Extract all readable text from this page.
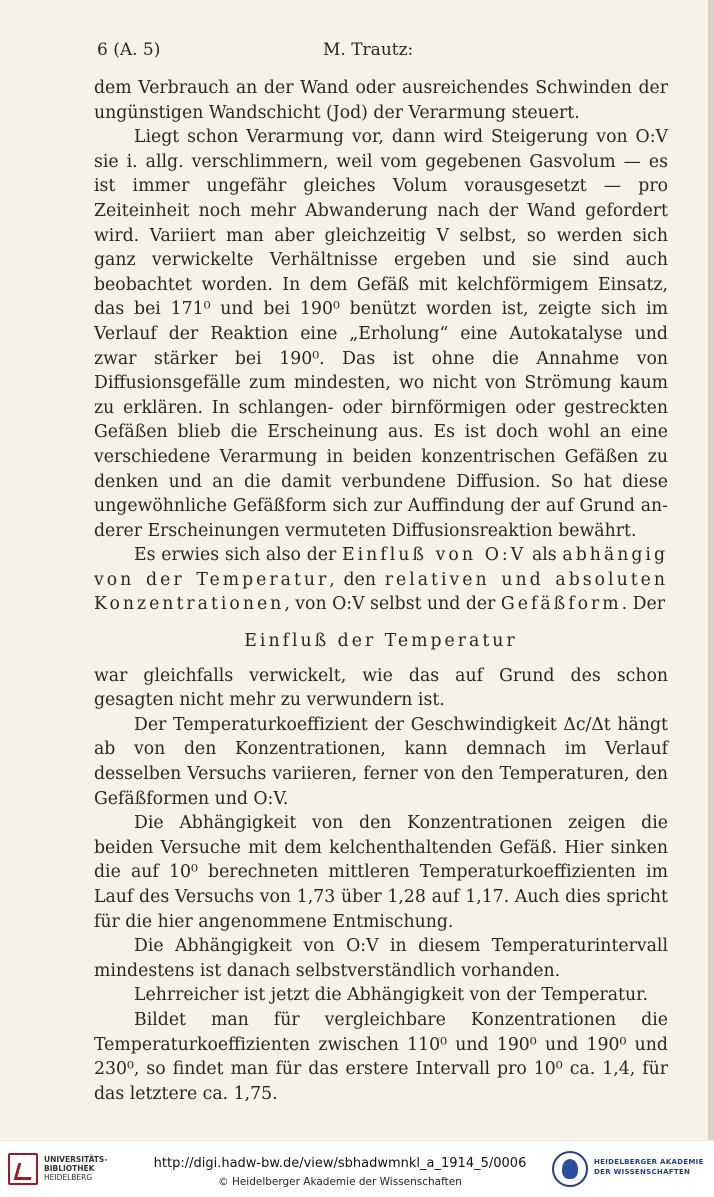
6 (A. 5)	M. Trautz:

dem Verbrauch an der Wand oder ausreichendes Schwinden der ungünstigen Wandschicht (Jod) der Verarmung steuert.

Liegt schon Verarmung vor, dann wird Steigerung von O:V sie i. allg. verschlimmern, weil vom gegebenen Gasvolum — es ist immer ungefähr gleiches Volum vorausgesetzt — pro Zeiteinheit noch mehr Abwanderung nach der Wand gefordert wird. Variiert man aber gleichzeitig V selbst, so werden sich ganz verwickelte Verhältnisse ergeben und sie sind auch beobachtet worden. In dem Gefäß mit kelchförmigem Einsatz, das bei 171⁰ und bei 190⁰ benützt worden ist, zeigte sich im Verlauf der Reaktion eine „Erholung“ eine Autokatalyse und zwar stärker bei 190⁰. Das ist ohne die Annahme von Diffusionsgefälle zum mindesten, wo nicht von Strömung kaum zu erklären. In schlangen- oder birnförmigen oder gestreckten Gefäßen blieb die Erscheinung aus. Es ist doch wohl an eine verschiedene Verarmung in beiden konzentrischen Gefäßen zu denken und an die damit verbundene Diffusion. So hat diese ungewöhnliche Gefäßform sich zur Auffindung der auf Grund anderer Erscheinungen vermuteten Diffusionsreaktion bewährt.

Es erwies sich also der Einfluß von O:V als abhängig von der Temperatur, den relativen und absoluten Konzentrationen, von O:V selbst und der Gefäßform. Der

Einfluß der Temperatur

war gleichfalls verwickelt, wie das auf Grund des schon gesagten nicht mehr zu verwundern ist.

Der Temperaturkoeffizient der Geschwindigkeit Δc/Δt hängt ab von den Konzentrationen, kann demnach im Verlauf desselben Versuchs variieren, ferner von den Temperaturen, den Gefäßformen und O:V.

Die Abhängigkeit von den Konzentrationen zeigen die beiden Versuche mit dem kelchenthaltenden Gefäß. Hier sinken die auf 10⁰ berechneten mittleren Temperaturkoeffizienten im Lauf des Versuchs von 1,73 über 1,28 auf 1,17. Auch dies spricht für die hier angenommene Entmischung.

Die Abhängigkeit von O:V in diesem Temperaturintervall mindestens ist danach selbstverständlich vorhanden.

Lehrreicher ist jetzt die Abhängigkeit von der Temperatur.

Bildet man für vergleichbare Konzentrationen die Temperaturkoeffizienten zwischen 110⁰ und 190⁰ und 190⁰ und 230⁰, so findet man für das erstere Intervall pro 10⁰ ca. 1,4, für das letztere ca. 1,75.

UNIVERSITÄTS-
BIBLIOTHEK
HEIDELBERG
http://digi.hadw-bw.de/view/sbhadwmnkl_a_1914_5/0006
© Heidelberger Akademie der Wissenschaften
HEIDELBERGER AKADEMIE
DER WISSENSCHAFTEN
